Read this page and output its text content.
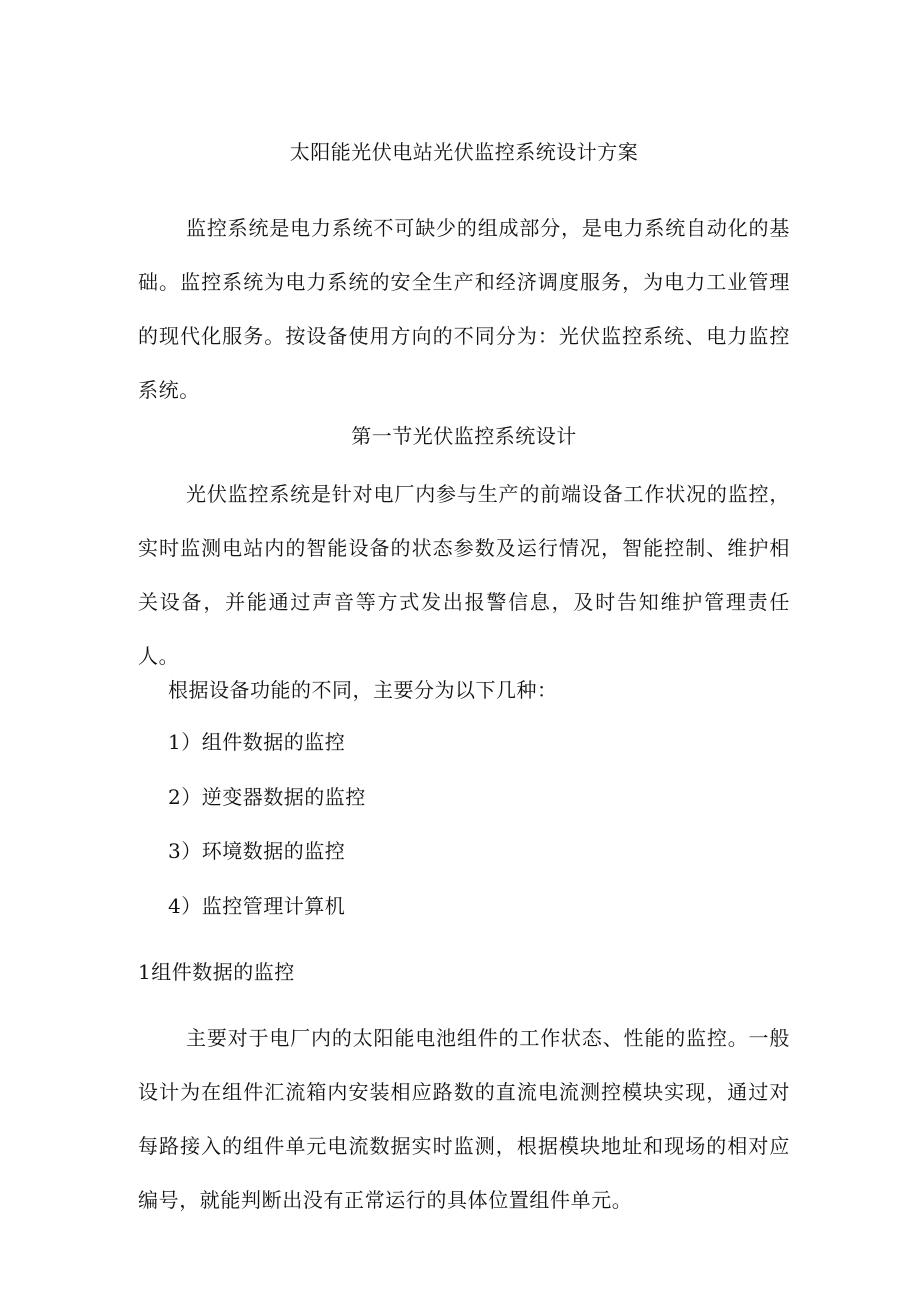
太阳能光伏电站光伏监控系统设计方案
监控系统是电力系统不可缺少的组成部分，是电力系统自动化的基础。监控系统为电力系统的安全生产和经济调度服务，为电力工业管理的现代化服务。按设备使用方向的不同分为：光伏监控系统、电力监控系统。
第一节光伏监控系统设计
光伏监控系统是针对电厂内参与生产的前端设备工作状况的监控，实时监测电站内的智能设备的状态参数及运行情况，智能控制、维护相关设备，并能通过声音等方式发出报警信息，及时告知维护管理责任人。
根据设备功能的不同，主要分为以下几种：
1）组件数据的监控
2）逆变器数据的监控
3）环境数据的监控
4）监控管理计算机
1组件数据的监控
主要对于电厂内的太阳能电池组件的工作状态、性能的监控。一般设计为在组件汇流箱内安装相应路数的直流电流测控模块实现，通过对每路接入的组件单元电流数据实时监测，根据模块地址和现场的相对应编号，就能判断出没有正常运行的具体位置组件单元。
